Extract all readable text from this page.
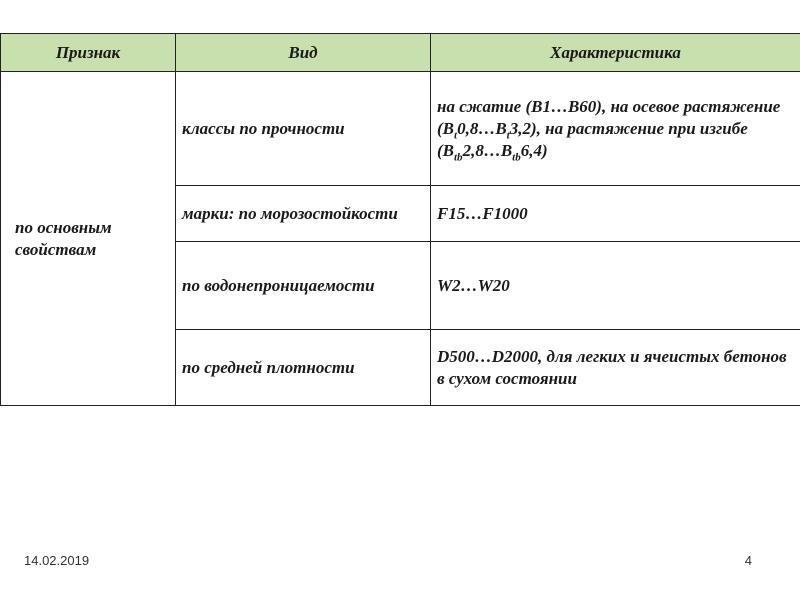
Признак	Вид	Характеристика

по основным свойствам	классы по прочности	на сжатие (B1…B60), на осевое растяжение $(B_t0,8\dots B_t3,2)$, на растяжение при изгибе $(B_{tb}2,8\dots B_{tb}6,4)$

	марки: по морозостойкости	F15…F1000

	по водонепроницаемости	W2…W20

	по средней плотности	D500…D2000, для легких и ячеистых бетонов в сухом состоянии
14.02.2019	4
